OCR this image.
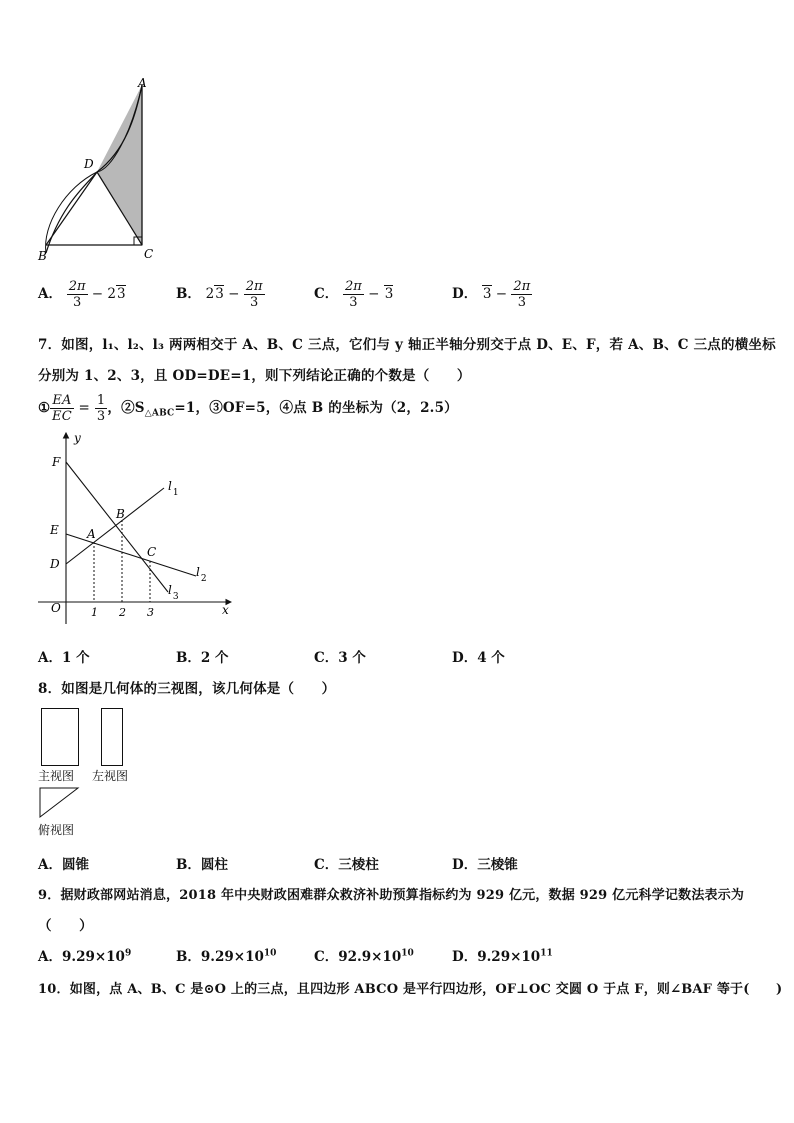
A
D
B	C
A． $\frac{2\pi}{3} - 23$	B． $23 - \frac{2\pi}{3}$	C． $\frac{2\pi}{3} - 3$	D． $3 - \frac{2\pi}{3}$
7．如图，l₁、l₂、l₃ 两两相交于 A、B、C 三点，它们与 y 轴正半轴分别交于点 D、E、F，若 A、B、C 三点的横坐标
分别为 1、2、3，且 OD=DE=1，则下列结论正确的个数是（　　）
① $\frac{EA}{EC} = \frac{1}{3}$ ，$②S_{\triangle ABC}=1$，③OF=5，④点 B 的坐标为（2，2.5）
y
x
O
F
E
D
A
B
C
$l_1$
$l_2$
$l_3$
1 2 3
A．1 个	B．2 个	C．3 个	D．4 个
8．如图是几何体的三视图，该几何体是（　　）
主视图 左视图
俯视图
A．圆锥	B．圆柱	C．三棱柱	D．三棱锥
9．据财政部网站消息，2018 年中央财政困难群众救济补助预算指标约为 929 亿元，数据 929 亿元科学记数法表示为
（　　）
A．$9.29\times 10^9$	B．$9.29\times 10^{10}$	C．$92.9\times 10^{10}$	D．$9.29\times 10^{11}$
10．如图，点 A、B、C 是⊙O 上的三点，且四边形 ABCO 是平行四边形，OF⊥OC 交圆 O 于点 F，则∠BAF 等于(　　)
